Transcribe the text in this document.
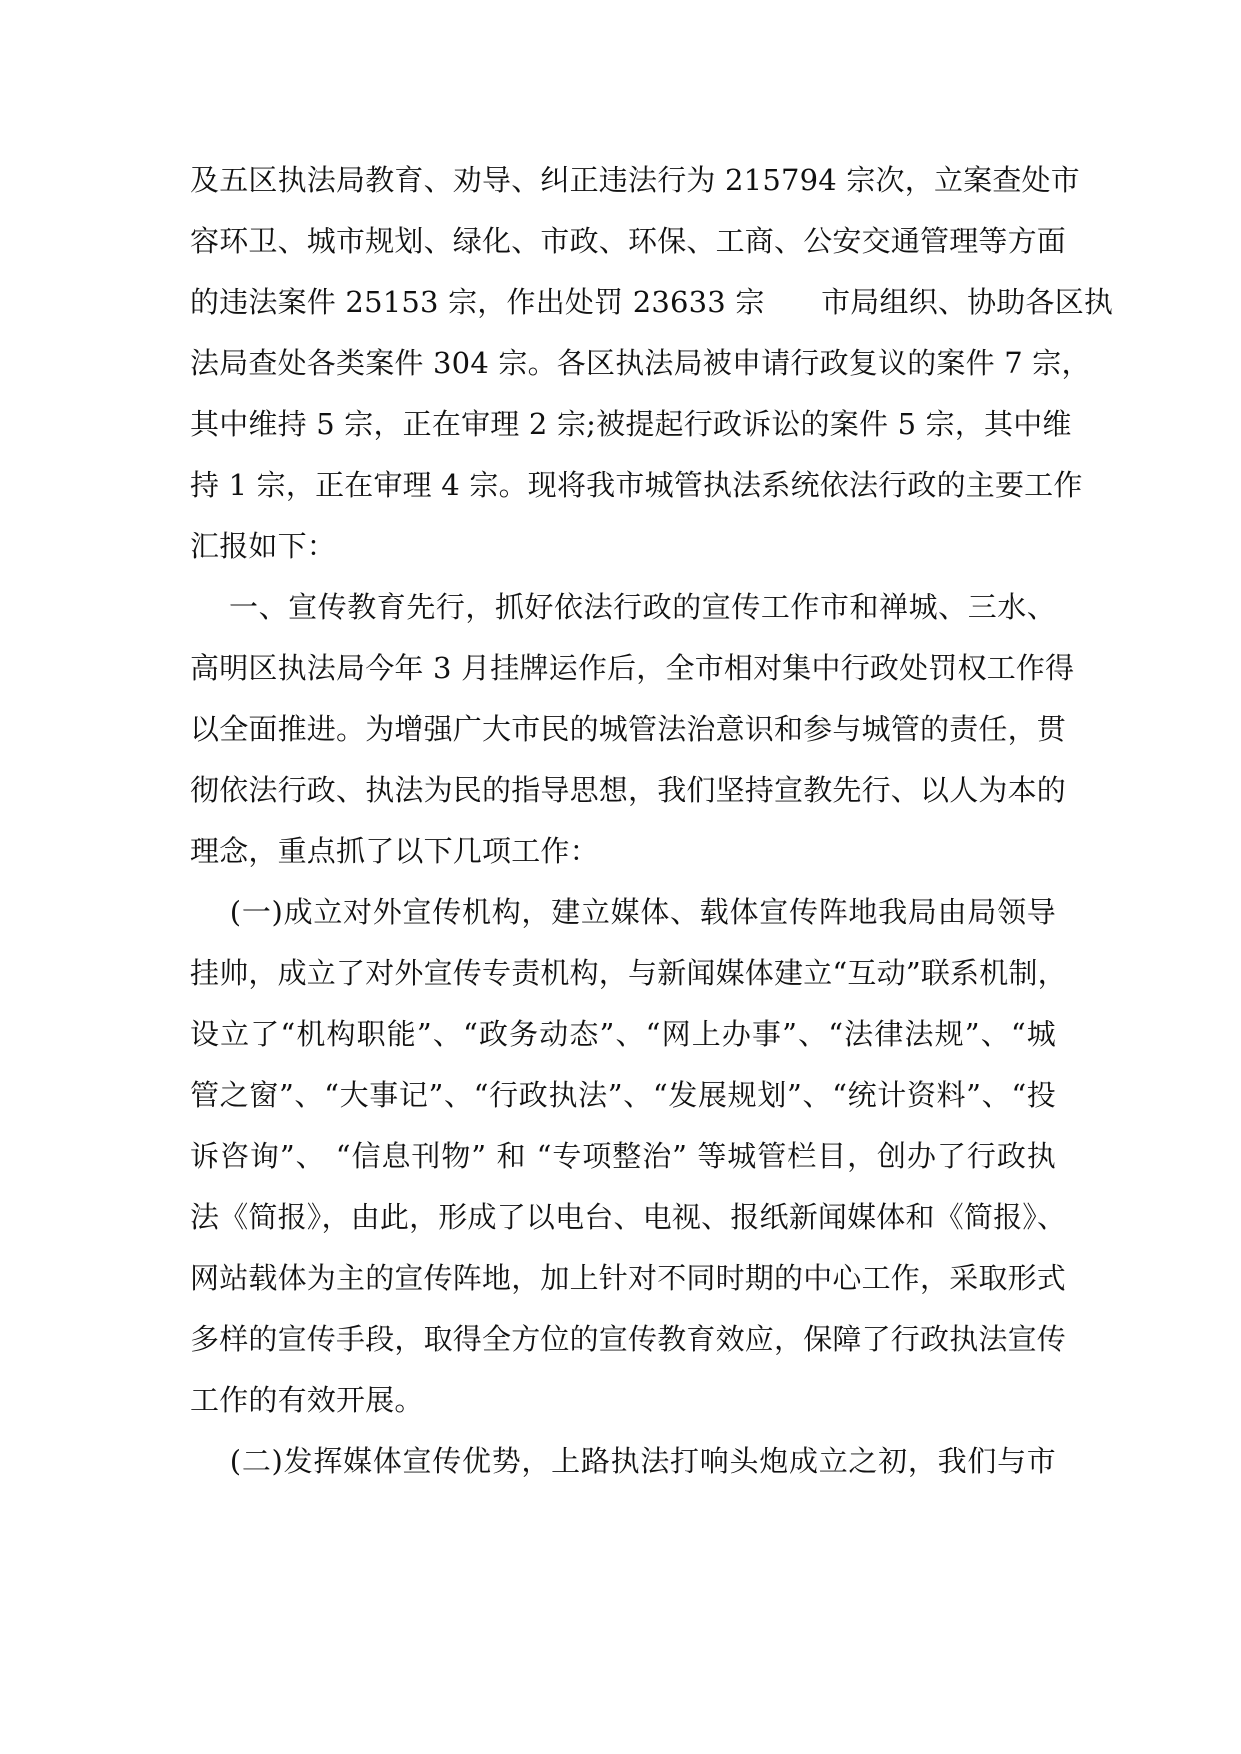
及五区执法局教育、劝导、纠正违法行为 215794 宗次，立案查处市
容环卫、城市规划、绿化、市政、环保、工商、公安交通管理等方面
的违法案件 25153 宗，作出处罚 23633 宗      市局组织、协助各区执
法局查处各类案件 304 宗。各区执法局被申请行政复议的案件 7 宗，
其中维持 5 宗，正在审理 2 宗;被提起行政诉讼的案件 5 宗，其中维
持 1 宗，正在审理 4 宗。现将我市城管执法系统依法行政的主要工作
汇报如下：
一、宣传教育先行，抓好依法行政的宣传工作市和禅城、三水、
高明区执法局今年 3 月挂牌运作后，全市相对集中行政处罚权工作得
以全面推进。为增强广大市民的城管法治意识和参与城管的责任，贯
彻依法行政、执法为民的指导思想，我们坚持宣教先行、以人为本的
理念，重点抓了以下几项工作：
(一)成立对外宣传机构，建立媒体、载体宣传阵地我局由局领导
挂帅，成立了对外宣传专责机构，与新闻媒体建立“互动”联系机制，
设立了“机构职能”、“政务动态”、“网上办事”、“法律法规”、“城
管之窗”、“大事记”、“行政执法”、“发展规划”、“统计资料”、“投
诉咨询”、 “信息刊物” 和 “专项整治” 等城管栏目，创办了行政执
法《简报》，由此，形成了以电台、电视、报纸新闻媒体和《简报》、
网站载体为主的宣传阵地，加上针对不同时期的中心工作，采取形式
多样的宣传手段，取得全方位的宣传教育效应，保障了行政执法宣传
工作的有效开展。
(二)发挥媒体宣传优势，上路执法打响头炮成立之初，我们与市
